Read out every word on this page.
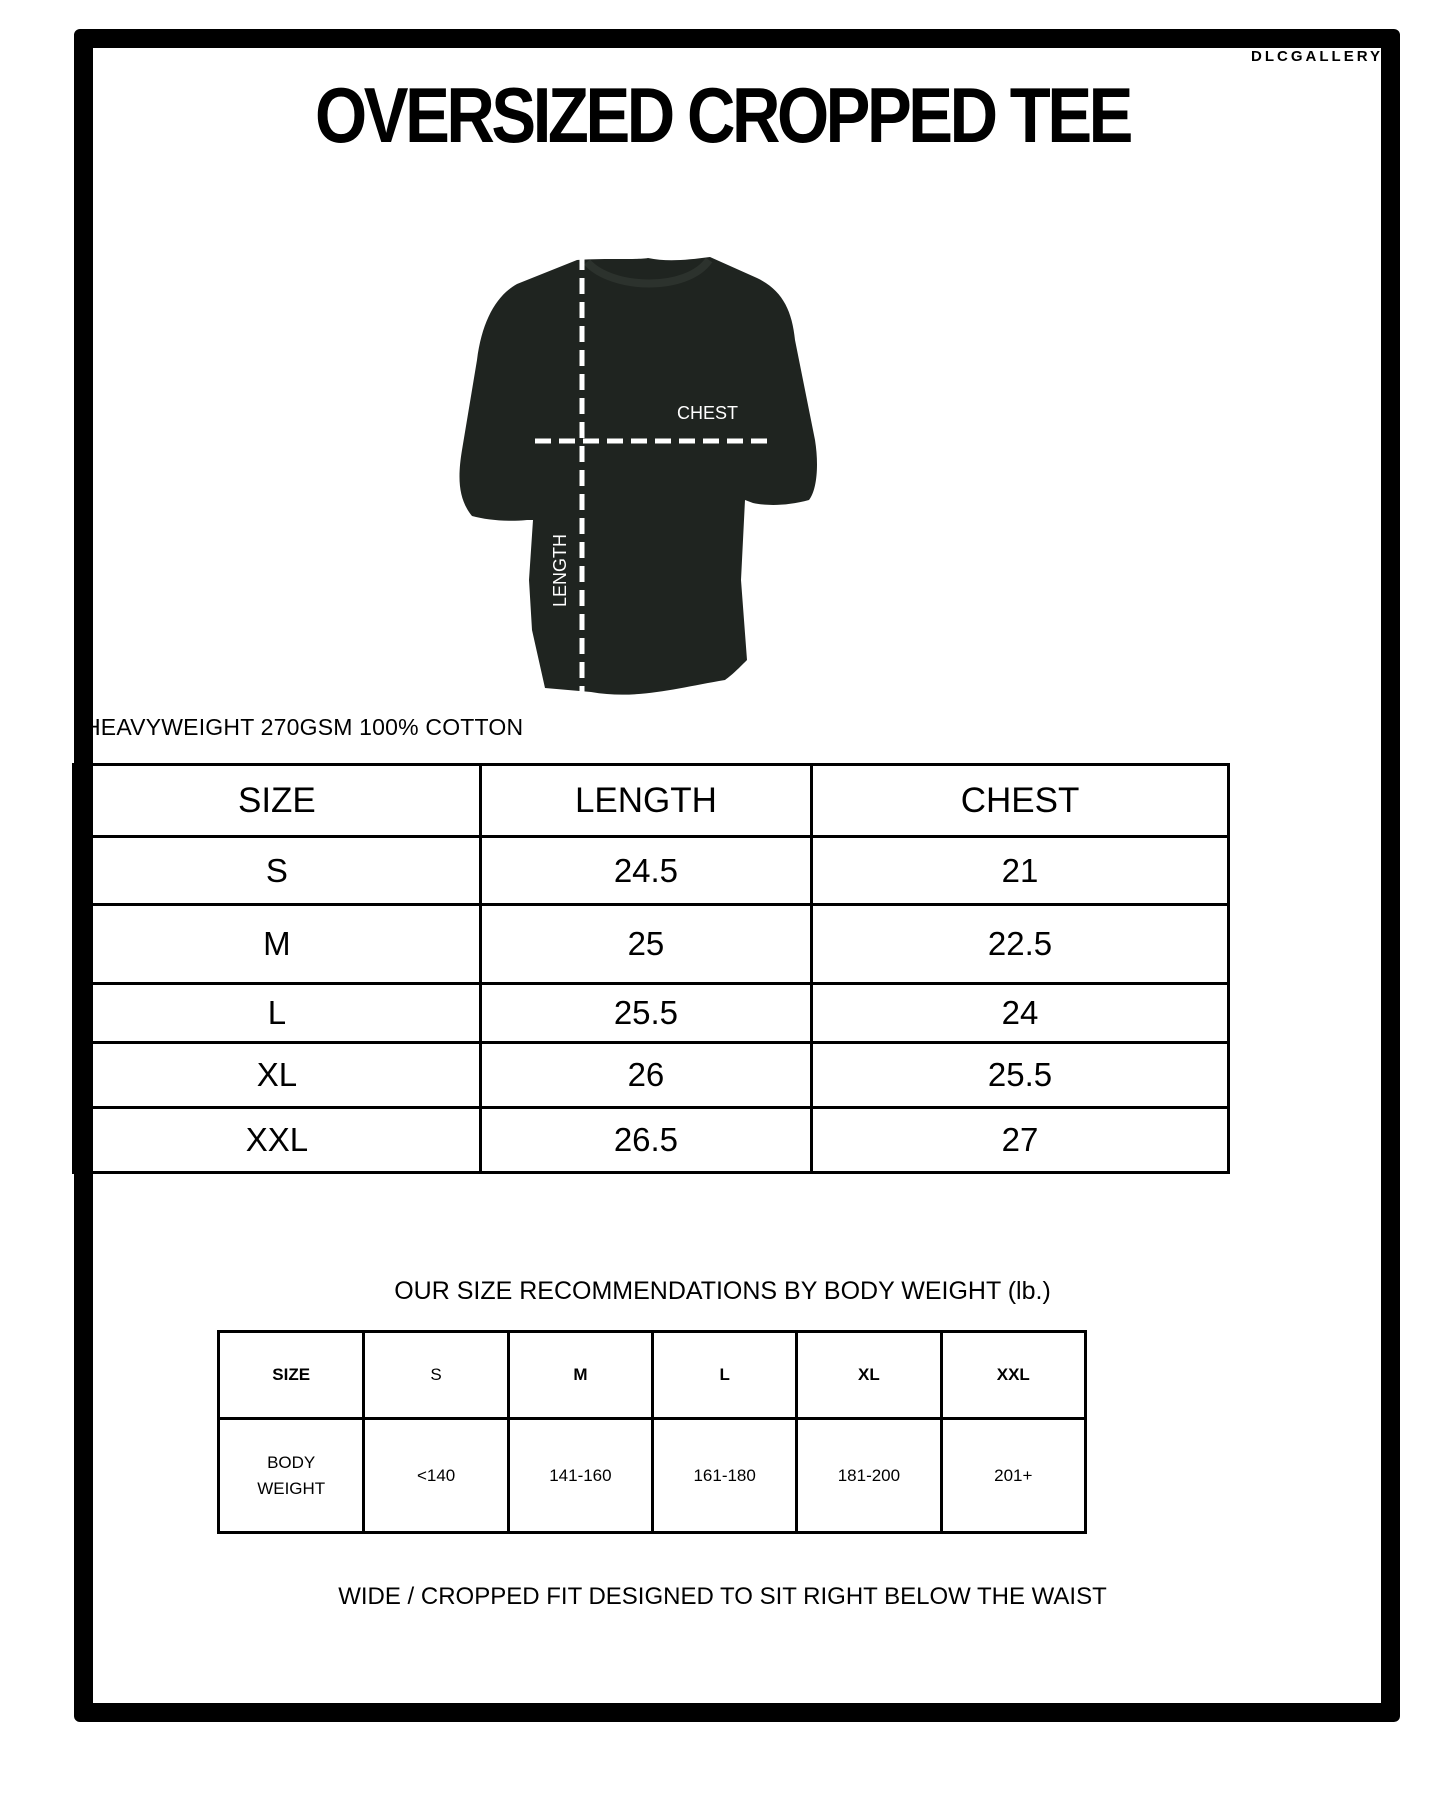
DLCGALLERY
OVERSIZED CROPPED TEE
CHEST
LENGTH
HEAVYWEIGHT 270GSM 100% COTTON
SIZE	LENGTH	CHEST
S	24.5	21
M	25	22.5
L	25.5	24
XL	26	25.5
XXL	26.5	27
OUR SIZE RECOMMENDATIONS BY BODY WEIGHT (lb.)
SIZE	S	M	L	XL	XXL
BODY
WEIGHT	<140	141-160	161-180	181-200	201+
WIDE / CROPPED FIT DESIGNED TO SIT RIGHT BELOW THE WAIST
